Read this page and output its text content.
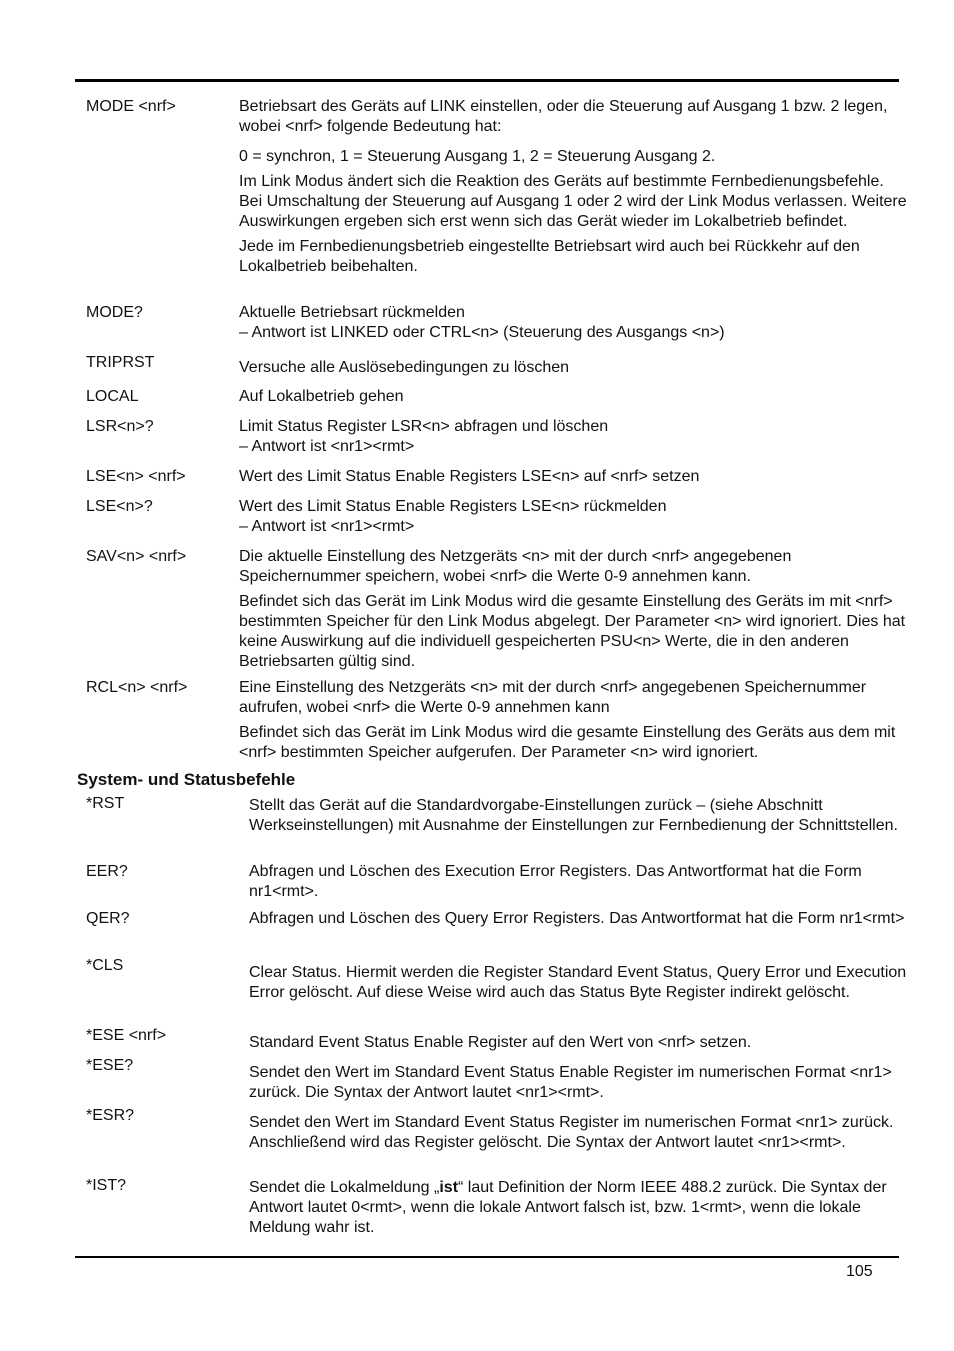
MODE <nrf>	Betriebsart des Geräts auf LINK einstellen, oder die Steuerung auf Ausgang 1 bzw. 2 legen, wobei <nrf> folgende Bedeutung hat:

0 = synchron, 1 = Steuerung Ausgang 1, 2 = Steuerung Ausgang 2.

Im Link Modus ändert sich die Reaktion des Geräts auf bestimmte Fernbedienungsbefehle. Bei Umschaltung der Steuerung auf Ausgang 1 oder 2 wird der Link Modus verlassen. Weitere Auswirkungen ergeben sich erst wenn sich das Gerät wieder im Lokalbetrieb befindet.

Jede im Fernbedienungsbetrieb eingestellte Betriebsart wird auch bei Rückkehr auf den Lokalbetrieb beibehalten.

MODE?	Aktuelle Betriebsart rückmelden
– Antwort ist LINKED oder CTRL<n> (Steuerung des Ausgangs <n>)
TRIPRST	Versuche alle Auslösebedingungen zu löschen
LOCAL	Auf Lokalbetrieb gehen
LSR<n>?	Limit Status Register LSR<n> abfragen und löschen
– Antwort ist <nr1><rmt>
LSE<n> <nrf>	Wert des Limit Status Enable Registers LSE<n> auf <nrf> setzen
LSE<n>?	Wert des Limit Status Enable Registers LSE<n> rückmelden
– Antwort ist <nr1><rmt>
SAV<n> <nrf>	Die aktuelle Einstellung des Netzgeräts <n> mit der durch <nrf> angegebenen Speichernummer speichern, wobei <nrf> die Werte 0-9 annehmen kann.

Befindet sich das Gerät im Link Modus wird die gesamte Einstellung des Geräts im mit <nrf> bestimmten Speicher für den Link Modus abgelegt. Der Parameter <n> wird ignoriert. Dies hat keine Auswirkung auf die individuell gespeicherten PSU<n> Werte, die in den anderen Betriebsarten gültig sind.

RCL<n> <nrf>	Eine Einstellung des Netzgeräts <n> mit der durch <nrf> angegebenen Speichernummer aufrufen, wobei <nrf> die Werte 0-9 annehmen kann

Befindet sich das Gerät im Link Modus wird die gesamte Einstellung des Geräts aus dem mit <nrf> bestimmten Speicher aufgerufen. Der Parameter <n> wird ignoriert.

System- und Statusbefehle
*RST	Stellt das Gerät auf die Standardvorgabe-Einstellungen zurück – (siehe Abschnitt Werkseinstellungen) mit Ausnahme der Einstellungen zur Fernbedienung der Schnittstellen.
EER?	Abfragen und Löschen des Execution Error Registers. Das Antwortformat hat die Form nr1<rmt>.
QER?	Abfragen und Löschen des Query Error Registers. Das Antwortformat hat die Form nr1<rmt>
*CLS	Clear Status. Hiermit werden die Register Standard Event Status, Query Error und Execution Error gelöscht. Auf diese Weise wird auch das Status Byte Register indirekt gelöscht.
*ESE <nrf>	Standard Event Status Enable Register auf den Wert von <nrf> setzen.
*ESE?	Sendet den Wert im Standard Event Status Enable Register im numerischen Format <nr1> zurück. Die Syntax der Antwort lautet <nr1><rmt>.
*ESR?	Sendet den Wert im Standard Event Status Register im numerischen Format <nr1> zurück. Anschließend wird das Register gelöscht. Die Syntax der Antwort lautet <nr1><rmt>.
*IST?	Sendet die Lokalmeldung „ist“ laut Definition der Norm IEEE 488.2 zurück. Die Syntax der Antwort lautet 0<rmt>, wenn die lokale Antwort falsch ist, bzw. 1<rmt>, wenn die lokale Meldung wahr ist.
105
